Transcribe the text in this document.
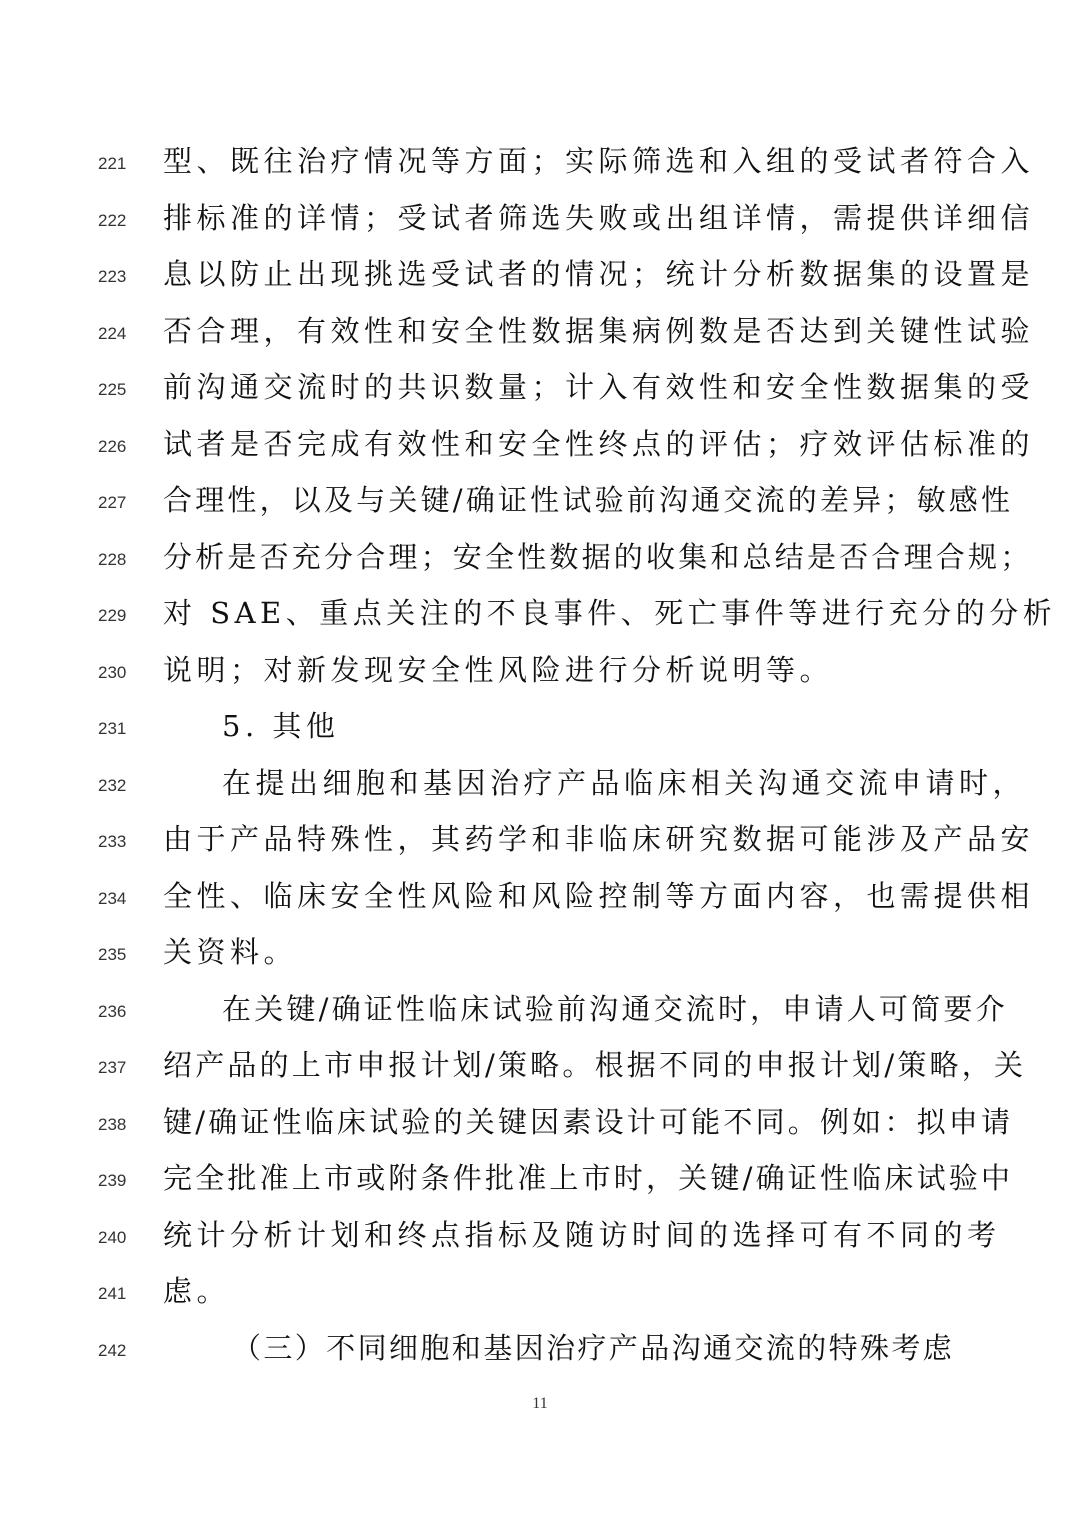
221	型、既往治疗情况等方面；实际筛选和入组的受试者符合入
222	排标准的详情；受试者筛选失败或出组详情，需提供详细信
223	息以防止出现挑选受试者的情况；统计分析数据集的设置是
224	否合理，有效性和安全性数据集病例数是否达到关键性试验
225	前沟通交流时的共识数量；计入有效性和安全性数据集的受
226	试者是否完成有效性和安全性终点的评估；疗效评估标准的
227	合理性，以及与关键/确证性试验前沟通交流的差异；敏感性
228	分析是否充分合理；安全性数据的收集和总结是否合理合规；
229	对 SAE、重点关注的不良事件、死亡事件等进行充分的分析
230	说明；对新发现安全性风险进行分析说明等。
231	5. 其他
232	在提出细胞和基因治疗产品临床相关沟通交流申请时，
233	由于产品特殊性，其药学和非临床研究数据可能涉及产品安
234	全性、临床安全性风险和风险控制等方面内容，也需提供相
235	关资料。
236	在关键/确证性临床试验前沟通交流时，申请人可简要介
237	绍产品的上市申报计划/策略。根据不同的申报计划/策略，关
238	键/确证性临床试验的关键因素设计可能不同。例如：拟申请
239	完全批准上市或附条件批准上市时，关键/确证性临床试验中
240	统计分析计划和终点指标及随访时间的选择可有不同的考
241	虑。
242	（三）不同细胞和基因治疗产品沟通交流的特殊考虑
11
